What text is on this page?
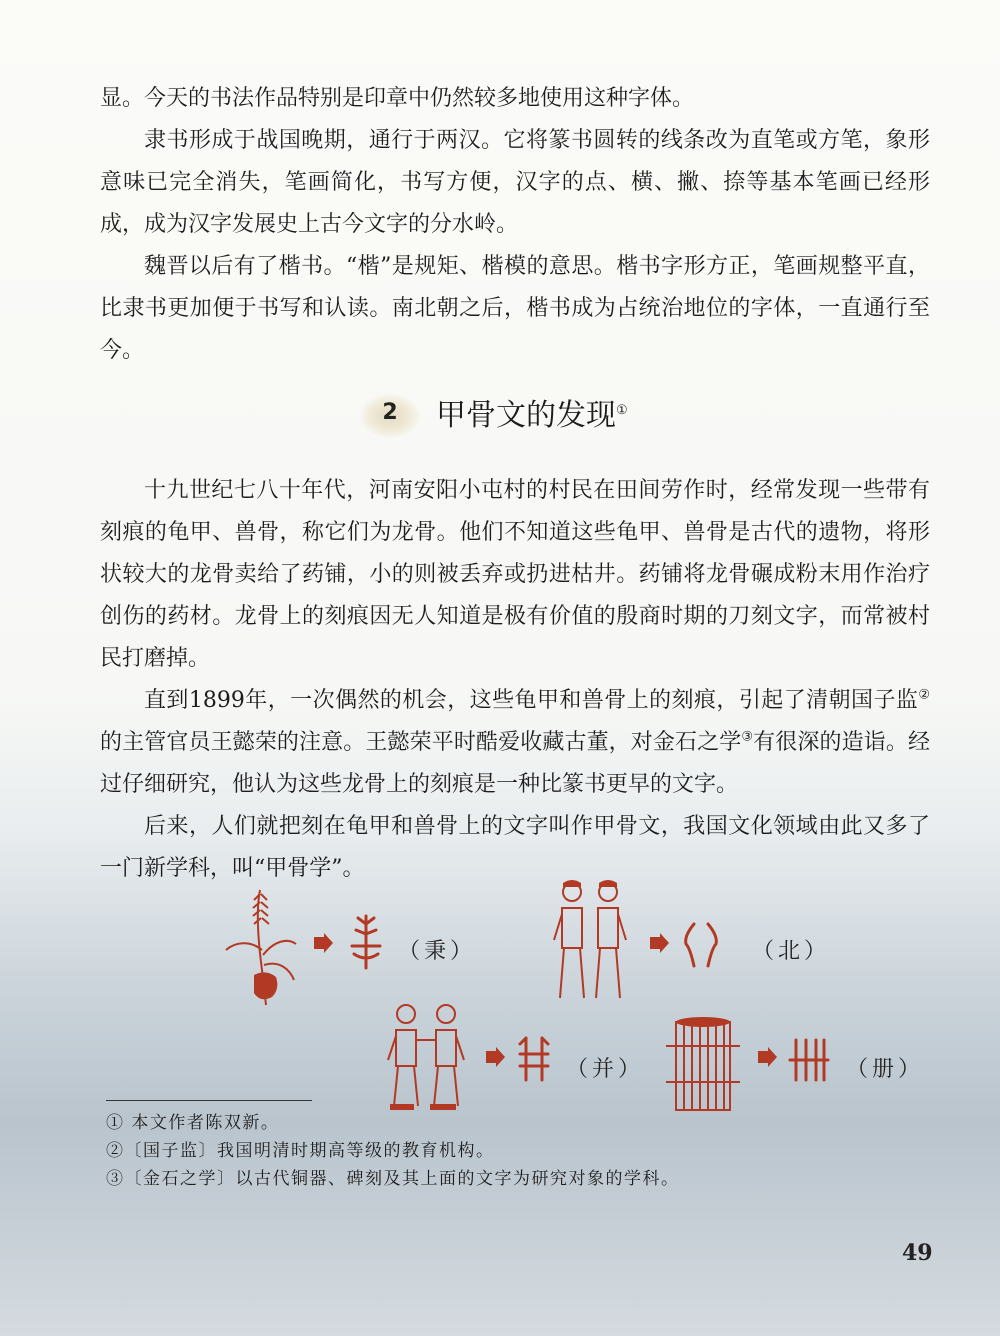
显。今天的书法作品特别是印章中仍然较多地使用这种字体。

隶书形成于战国晚期，通行于两汉。它将篆书圆转的线条改为直笔或方笔，象形意味已完全消失，笔画简化，书写方便，汉字的点、横、撇、捺等基本笔画已经形成，成为汉字发展史上古今文字的分水岭。

魏晋以后有了楷书。“楷”是规矩、楷模的意思。楷书字形方正，笔画规整平直，比隶书更加便于书写和认读。南北朝之后，楷书成为占统治地位的字体，一直通行至今。

2	甲骨文的发现①

十九世纪七八十年代，河南安阳小屯村的村民在田间劳作时，经常发现一些带有刻痕的龟甲、兽骨，称它们为龙骨。他们不知道这些龟甲、兽骨是古代的遗物，将形状较大的龙骨卖给了药铺，小的则被丢弃或扔进枯井。药铺将龙骨碾成粉末用作治疗创伤的药材。龙骨上的刻痕因无人知道是极有价值的殷商时期的刀刻文字，而常被村民打磨掉。

直到1899年，一次偶然的机会，这些龟甲和兽骨上的刻痕，引起了清朝国子监②的主管官员王懿荣的注意。王懿荣平时酷爱收藏古董，对金石之学③有很深的造诣。经过仔细研究，他认为这些龙骨上的刻痕是一种比篆书更早的文字。

后来，人们就把刻在龟甲和兽骨上的文字叫作甲骨文，我国文化领域由此又多了一门新学科，叫“甲骨学”。

（秉）	（北）
（并）	（册）
① 本文作者陈双新。
②〔国子监〕我国明清时期高等级的教育机构。
③〔金石之学〕以古代铜器、碑刻及其上面的文字为研究对象的学科。
49
